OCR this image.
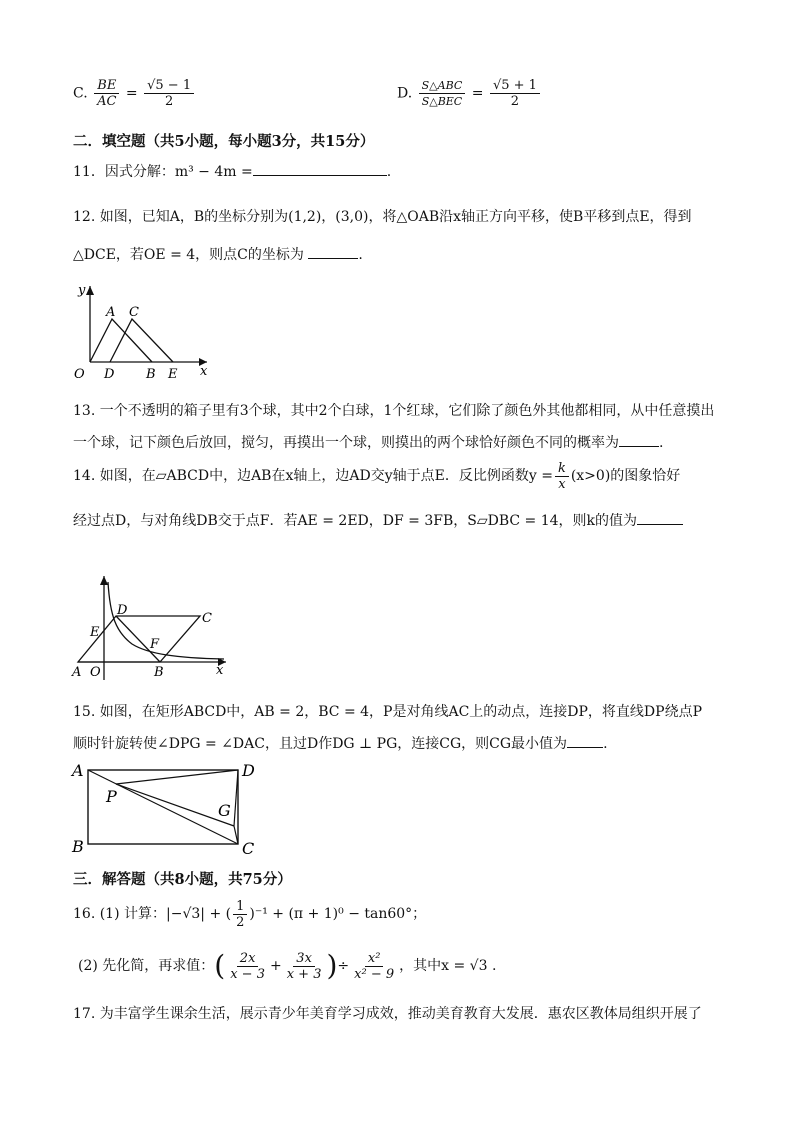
C. $\frac{BE}{AC} = \frac{√5 - 1}{2}$	D. $\frac{\text{S△ABC}}{\text{S△BEC}} = \frac{√5 + 1}{2}$
二．填空题（共5小题，每小题3分，共15分）
11．因式分解：m³ − 4m =	.
12. 如图，已知A，B的坐标分别为(1,2)，(3,0)，将△OAB沿x轴正方向平移，使B平移到点E，得到
△DCE，若OE = 4，则点C的坐标为	.
y
A C
O D B E x
13. 一个不透明的箱子里有3个球，其中2个白球，1个红球，它们除了颜色外其他都相同，从中任意摸出
一个球，记下颜色后放回，搅匀，再摸出一个球，则摸出的两个球恰好颜色不同的概率为	.
14. 如图，在▱ABCD中，边AB在x轴上，边AD交y轴于点E．反比例函数$y = \frac{k}{x} (x>0)$的图象恰好
经过点D，与对角线DB交于点F．若AE = 2ED，DF = 3FB，S▱DBC = 14，则k的值为
D
C
E
F
A O	B	x
15. 如图，在矩形ABCD中，AB = 2，BC = 4，P是对角线AC上的动点，连接DP，将直线DP绕点P
顺时针旋转使∠DPG = ∠DAC，且过D作DG ⊥ PG，连接CG，则CG最小值为	.
A	D
P
G
B	C
三．解答题（共8小题，共75分）
16. (1) 计算： |−√3| + ( $\frac{1}{2} )^{-1} + (\pi + 1)^0 - \tan 60^\circ$；
(2) 先化简，再求值： ( $\frac{2x}{x - 3} + \frac{3x}{x + 3}$ ) ÷ $\frac{\text{x²}}{\text{x² − 9}}$ ，其中x = √3 .
17. 为丰富学生课余生活，展示青少年美育学习成效，推动美育教育大发展．惠农区教体局组织开展了
